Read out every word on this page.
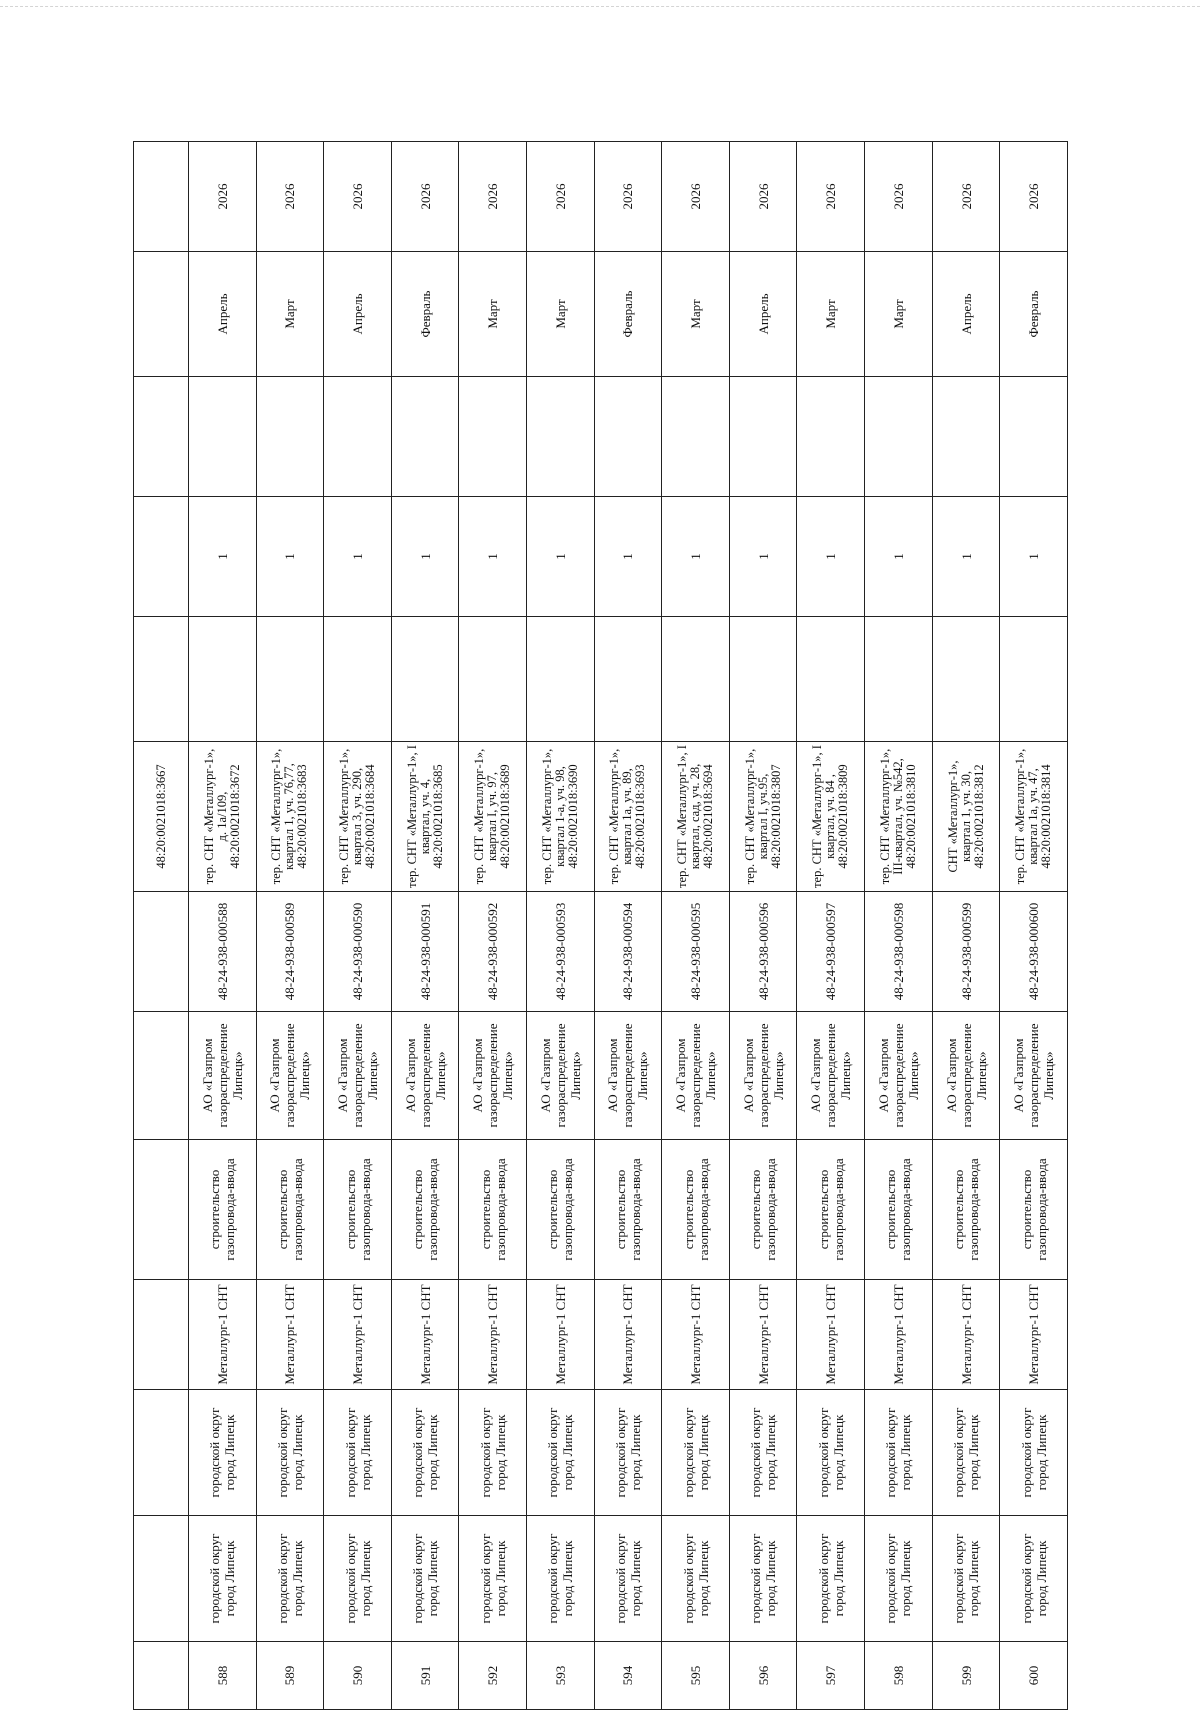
							48:20:0021018:3667					
588	городской округ город Липецк	городской округ город Липецк	Металлург-1 СНТ	строительство газопровода-ввода	АО «Газпром газораспределение Липецк»	48-24-938-000588	тер. СНТ «Металлург-1», д. 1а/109, 48:20:0021018:3672		1		Апрель	2026
589	городской округ город Липецк	городской округ город Липецк	Металлург-1 СНТ	строительство газопровода-ввода	АО «Газпром газораспределение Липецк»	48-24-938-000589	тер. СНТ «Металлург-1», квартал 1, уч. 76,77, 48:20:0021018:3683		1		Март	2026
590	городской округ город Липецк	городской округ город Липецк	Металлург-1 СНТ	строительство газопровода-ввода	АО «Газпром газораспределение Липецк»	48-24-938-000590	тер. СНТ «Металлург-1», квартал 3, уч. 290, 48:20:0021018:3684		1		Апрель	2026
591	городской округ город Липецк	городской округ город Липецк	Металлург-1 СНТ	строительство газопровода-ввода	АО «Газпром газораспределение Липецк»	48-24-938-000591	тер. СНТ «Металлург-1», I квартал, уч. 4, 48:20:0021018:3685		1		Февраль	2026
592	городской округ город Липецк	городской округ город Липецк	Металлург-1 СНТ	строительство газопровода-ввода	АО «Газпром газораспределение Липецк»	48-24-938-000592	тер. СНТ «Металлург-1», квартал I, уч. 97, 48:20:0021018:3689		1		Март	2026
593	городской округ город Липецк	городской округ город Липецк	Металлург-1 СНТ	строительство газопровода-ввода	АО «Газпром газораспределение Липецк»	48-24-938-000593	тер. СНТ «Металлург-1», квартал 1-а, уч. 98, 48:20:0021018:3690		1		Март	2026
594	городской округ город Липецк	городской округ город Липецк	Металлург-1 СНТ	строительство газопровода-ввода	АО «Газпром газораспределение Липецк»	48-24-938-000594	тер. СНТ «Металлург-1», квартал 1а, уч. 89, 48:20:0021018:3693		1		Февраль	2026
595	городской округ город Липецк	городской округ город Липецк	Металлург-1 СНТ	строительство газопровода-ввода	АО «Газпром газораспределение Липецк»	48-24-938-000595	тер. СНТ «Металлург-1», I квартал, сад, уч. 28, 48:20:0021018:3694		1		Март	2026
596	городской округ город Липецк	городской округ город Липецк	Металлург-1 СНТ	строительство газопровода-ввода	АО «Газпром газораспределение Липецк»	48-24-938-000596	тер. СНТ «Металлург-1», квартал I, уч.95, 48:20:0021018:3807		1		Апрель	2026
597	городской округ город Липецк	городской округ город Липецк	Металлург-1 СНТ	строительство газопровода-ввода	АО «Газпром газораспределение Липецк»	48-24-938-000597	тер. СНТ «Металлург-1», I квартал, уч. 84 , 48:20:0021018:3809		1		Март	2026
598	городской округ город Липецк	городской округ город Липецк	Металлург-1 СНТ	строительство газопровода-ввода	АО «Газпром газораспределение Липецк»	48-24-938-000598	тер. СНТ «Металлург-1», III-квартал, уч. №542, 48:20:0021018:3810		1		Март	2026
599	городской округ город Липецк	городской округ город Липецк	Металлург-1 СНТ	строительство газопровода-ввода	АО «Газпром газораспределение Липецк»	48-24-938-000599	СНТ «Металлург-1», квартал 1, уч. 30, 48:20:0021018:3812		1		Апрель	2026
600	городской округ город Липецк	городской округ город Липецк	Металлург-1 СНТ	строительство газопровода-ввода	АО «Газпром газораспределение Липецк»	48-24-938-000600	тер. СНТ «Металлург-1», квартал 1а, уч. 47, 48:20:0021018:3814		1		Февраль	2026
